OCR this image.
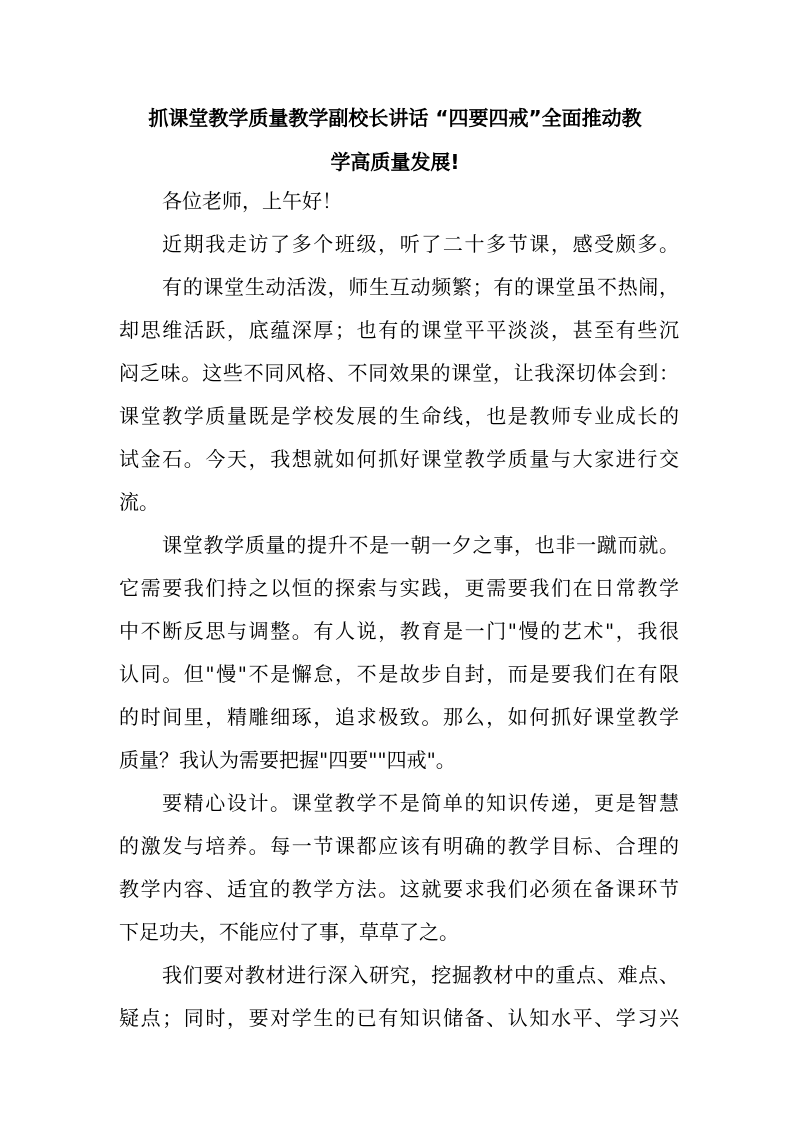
抓课堂教学质量教学副校长讲话 “四要四戒”全面推动教
学高质量发展!
各位老师，上午好！
近期我走访了多个班级，听了二十多节课，感受颇多。
有的课堂生动活泼，师生互动频繁；有的课堂虽不热闹，
却思维活跃，底蕴深厚；也有的课堂平平淡淡，甚至有些沉
闷乏味。这些不同风格、不同效果的课堂，让我深切体会到：
课堂教学质量既是学校发展的生命线，也是教师专业成长的
试金石。今天，我想就如何抓好课堂教学质量与大家进行交
流。
课堂教学质量的提升不是一朝一夕之事，也非一蹴而就。
它需要我们持之以恒的探索与实践，更需要我们在日常教学
中不断反思与调整。有人说，教育是一门"慢的艺术"，我很
认同。但"慢"不是懈怠，不是故步自封，而是要我们在有限
的时间里，精雕细琢，追求极致。那么，如何抓好课堂教学
质量？我认为需要把握"四要""四戒"。
要精心设计。课堂教学不是简单的知识传递，更是智慧
的激发与培养。每一节课都应该有明确的教学目标、合理的
教学内容、适宜的教学方法。这就要求我们必须在备课环节
下足功夫，不能应付了事，草草了之。
我们要对教材进行深入研究，挖掘教材中的重点、难点、
疑点；同时，要对学生的已有知识储备、认知水平、学习兴
